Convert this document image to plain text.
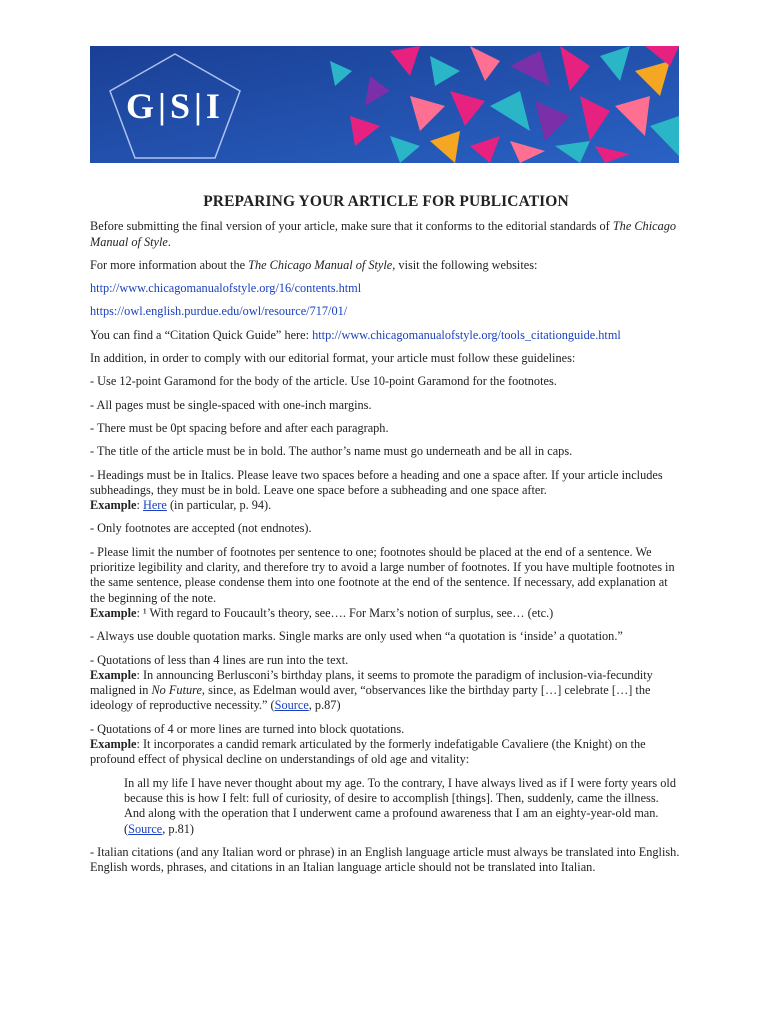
G|S|I
PREPARING YOUR ARTICLE FOR PUBLICATION

Before submitting the final version of your article, make sure that it conforms to the editorial standards of The Chicago Manual of Style.

For more information about the The Chicago Manual of Style, visit the following websites:

http://www.chicagomanualofstyle.org/16/contents.html

https://owl.english.purdue.edu/owl/resource/717/01/

You can find a “Citation Quick Guide” here: http://www.chicagomanualofstyle.org/tools_citationguide.html

In addition, in order to comply with our editorial format, your article must follow these guidelines:

- Use 12-point Garamond for the body of the article. Use 10-point Garamond for the footnotes.

- All pages must be single-spaced with one-inch margins.

- There must be 0pt spacing before and after each paragraph.

- The title of the article must be in bold. The author’s name must go underneath and be all in caps.

- Headings must be in Italics. Please leave two spaces before a heading and one a space after. If your article includes subheadings, they must be in bold. Leave one space before a subheading and one space after.
Example: Here (in particular, p. 94).

- Only footnotes are accepted (not endnotes).

- Please limit the number of footnotes per sentence to one; footnotes should be placed at the end of a sentence. We prioritize legibility and clarity, and therefore try to avoid a large number of footnotes. If you have multiple footnotes in the same sentence, please condense them into one footnote at the end of the sentence. If necessary, add explanation at the beginning of the note.
Example: ¹ With regard to Foucault’s theory, see…. For Marx’s notion of surplus, see… (etc.)

- Always use double quotation marks. Single marks are only used when “a quotation is ‘inside’ a quotation.”

- Quotations of less than 4 lines are run into the text.
Example: In announcing Berlusconi’s birthday plans, it seems to promote the paradigm of inclusion-via-fecundity maligned in No Future, since, as Edelman would aver, “observances like the birthday party […] celebrate […] the ideology of reproductive necessity.” (Source, p.87)

- Quotations of 4 or more lines are turned into block quotations.
Example: It incorporates a candid remark articulated by the formerly indefatigable Cavaliere (the Knight) on the profound effect of physical decline on understandings of old age and vitality:

In all my life I have never thought about my age. To the contrary, I have always lived as if I were forty years old because this is how I felt: full of curiosity, of desire to accomplish [things]. Then, suddenly, came the illness. And along with the operation that I underwent came a profound awareness that I am an eighty-year-old man. (Source, p.81)

- Italian citations (and any Italian word or phrase) in an English language article must always be translated into English. English words, phrases, and citations in an Italian language article should not be translated into Italian.
